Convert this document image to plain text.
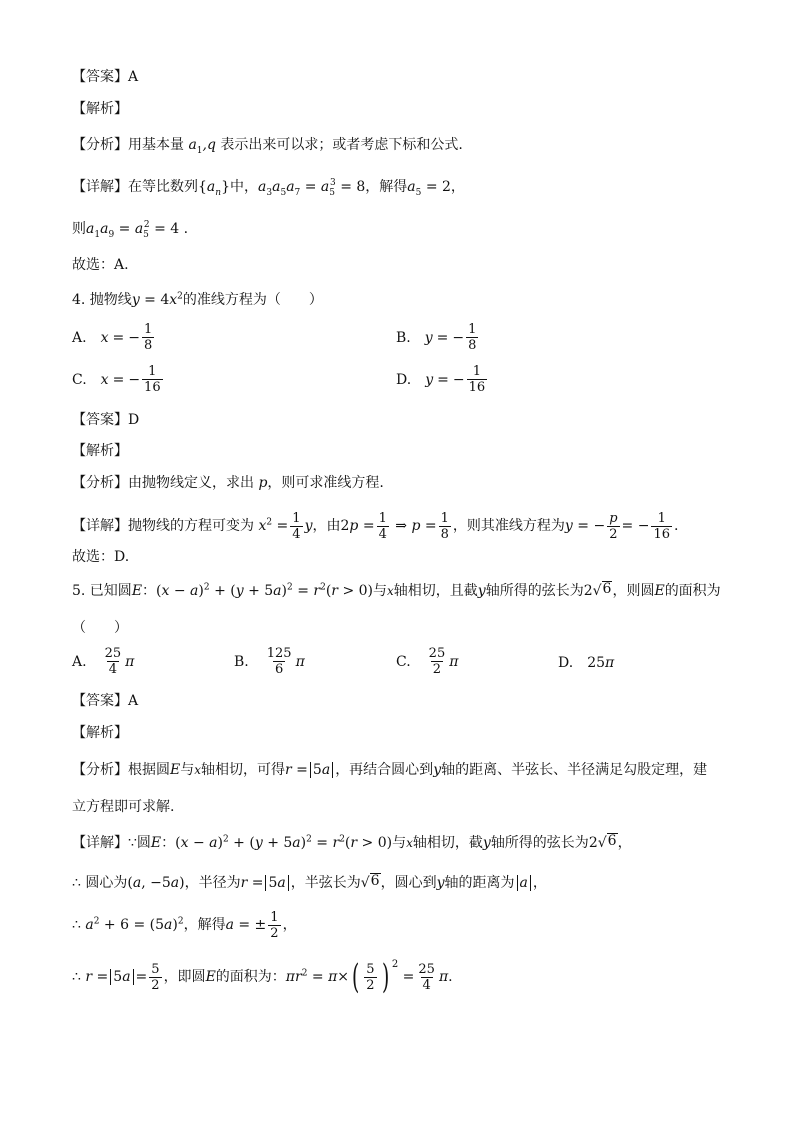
【答案】A
【解析】
【分析】 用基本量 $a_1,q$ 表示出来可以求；或者考虑下标和公式.
【详解】 在等比数列 $\{a_n\}$ 中， $a_3a_5a_7 = a_5^3 = 8$ ，解得 $a_5 = 2$ ，
则 $a_1a_9 = a_5^2 = 4$ .
故选：A.
4. 抛物线 $y = 4x^2$ 的准线方程为（　　）
A. x = − $\frac{1}{8}$	B. y = − $\frac{1}{8}$
C. x = − $\frac{1}{16}$	D. y = − $\frac{1}{16}$
【答案】D
【解析】
【分析】 由抛物线定义，求出 p ，则可求准线方程.
【详解】 抛物线的方程可变为 $x^2 = \frac{1}{4}$ y ，由 $2p = \frac{1}{4}$ ⇒ $p = \frac{1}{8}$ ，则其准线方程为 y = − $\frac{p}{2}$ = − $\frac{1}{16}$ .
故选：D.
5. 已知圆 E：$(x - a)^2 + (y + 5a)^2 = r^2(r > 0)$ 与 x 轴相切，且截 y 轴所得的弦长为 2√ 6 ，则圆 E 的面积为
（　　）
A. $\frac{25}{4}$ π	B. $\frac{125}{6}$ π	C. $\frac{25}{2}$ π	D. 25 π
【答案】A
【解析】
【分析】 根据圆 E 与 x 轴相切，可得 r = 5a ，再结合圆心到 y 轴的距离、半弦长、半径满足勾股定理，建
立方程即可求解.
【详解】 ∵ 圆 E：$(x - a)^2 + (y + 5a)^2 = r^2(r > 0)$ 与 x 轴相切，截 y 轴所得的弦长为 2√ 6 ，
∴
圆心为 (a, −5a) ，半径为 r = 5a ，半弦长为 √ 6 ，圆心到 y 轴的距离为 a ，
∴
$a^2 + 6 = (5a)^2$ ，解得 a = ± $\frac{1}{2}$ ，
∴
$r = 5a = \frac{5}{2}$ ，即圆 E 的面积为： $\pi r^2 = \pi\times$ ( $\frac{5}{2}$ ) $^2$
= $\frac{25}{4}$ π .
